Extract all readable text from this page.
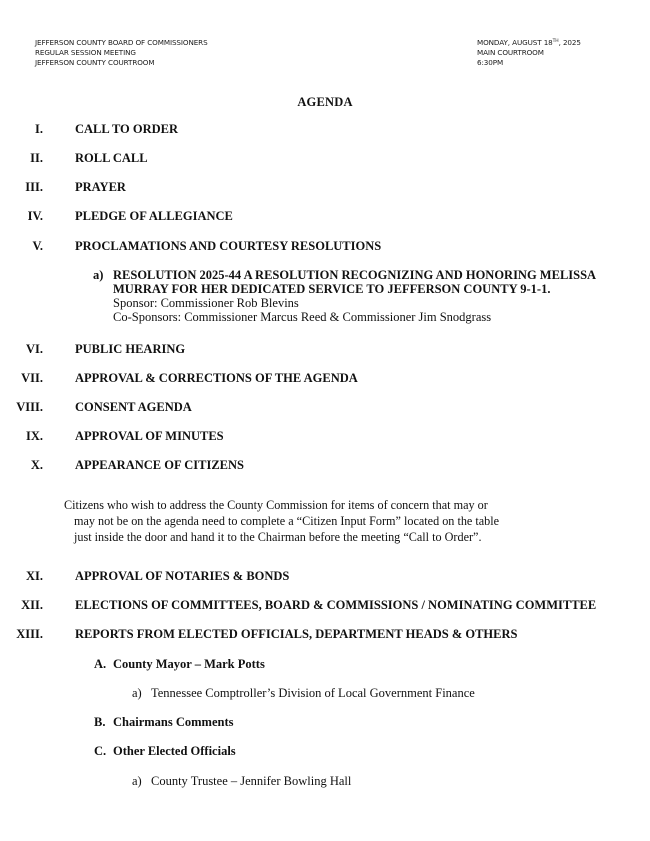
JEFFERSON COUNTY BOARD OF COMMISSIONERS
REGULAR SESSION MEETING
JEFFERSON COUNTY COURTROOM
MONDAY, AUGUST 18TH, 2025
MAIN COURTROOM
6:30PM
AGENDA
I.	CALL TO ORDER
II.	ROLL CALL
III.	PRAYER
IV.	PLEDGE OF ALLEGIANCE
V.	PROCLAMATIONS AND COURTESY RESOLUTIONS
a) RESOLUTION 2025-44 A RESOLUTION RECOGNIZING AND HONORING MELISSA
MURRAY FOR HER DEDICATED SERVICE TO JEFFERSON COUNTY 9-1-1.
Sponsor: Commissioner Rob Blevins
Co-Sponsors: Commissioner Marcus Reed & Commissioner Jim Snodgrass
VI.	PUBLIC HEARING
VII.	APPROVAL & CORRECTIONS OF THE AGENDA
VIII.	CONSENT AGENDA
IX.	APPROVAL OF MINUTES
X.	APPEARANCE OF CITIZENS
Citizens who wish to address the County Commission for items of concern that may or
may not be on the agenda need to complete a “Citizen Input Form” located on the table
just inside the door and hand it to the Chairman before the meeting “Call to Order”.
XI.	APPROVAL OF NOTARIES & BONDS
XII.	ELECTIONS OF COMMITTEES, BOARD & COMMISSIONS / NOMINATING COMMITTEE
XIII.	REPORTS FROM ELECTED OFFICIALS, DEPARTMENT HEADS & OTHERS
A. County Mayor – Mark Potts
a) Tennessee Comptroller’s Division of Local Government Finance
B. Chairmans Comments
C. Other Elected Officials
a) County Trustee – Jennifer Bowling Hall
